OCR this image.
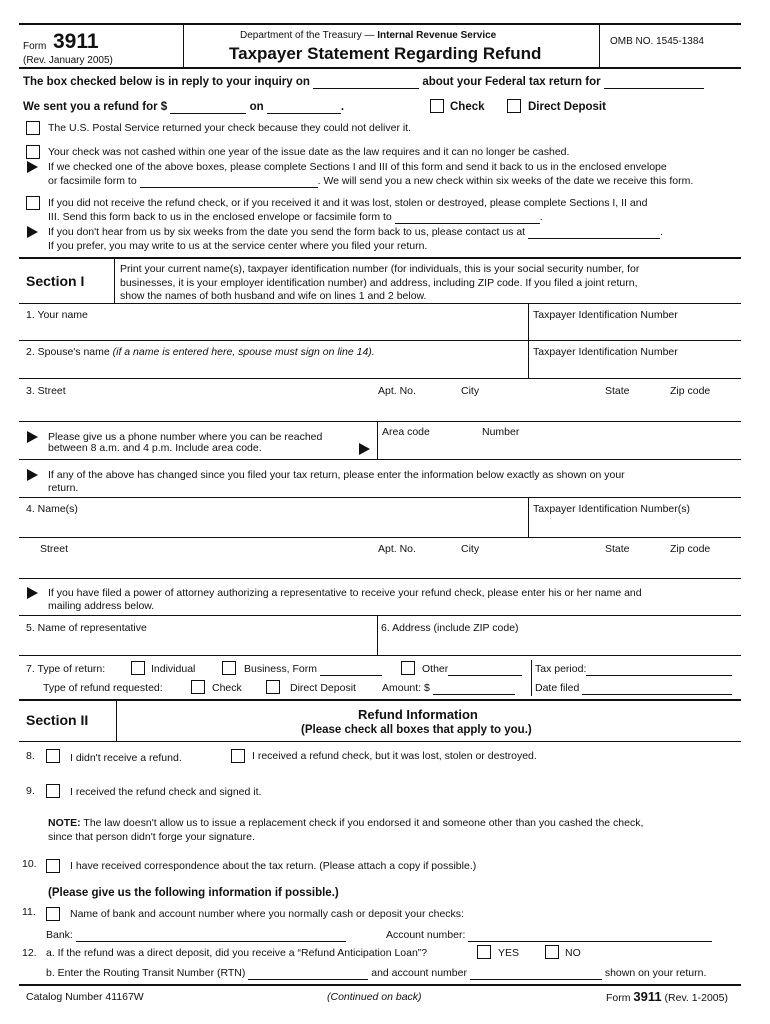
Form 3911
(Rev. January 2005)
Department of the Treasury — Internal Revenue Service
Taxpayer Statement Regarding Refund
OMB NO. 1545-1384
The box checked below is in reply to your inquiry on	about your Federal tax return for
We sent you a refund for $	on	.	Check	Direct Deposit
The U.S. Postal Service returned your check because they could not deliver it.
Your check was not cashed within one year of the issue date as the law requires and it can no longer be cashed.
If we checked one of the above boxes, please complete Sections I and III of this form and send it back to us in the enclosed envelope
or facsimile form to	. We will send you a new check within six weeks of the date we receive this form.
If you did not receive the refund check, or if you received it and it was lost, stolen or destroyed, please complete Sections I, II and
III. Send this form back to us in the enclosed envelope or facsimile form to	.
If you don't hear from us by six weeks from the date you send the form back to us, please contact us at	.
If you prefer, you may write to us at the service center where you filed your return.
Section I
Print your current name(s), taxpayer identification number (for individuals, this is your social security number, for
businesses, it is your employer identification number) and address, including ZIP code. If you filed a joint return,
show the names of both husband and wife on lines 1 and 2 below.
1. Your name	Taxpayer Identification Number
2. Spouse's name (if a name is entered here, spouse must sign on line 14).	Taxpayer Identification Number
3. Street	Apt. No.	City	State	Zip code
Please give us a phone number where you can be reached
between 8 a.m. and 4 p.m. Include area code.
Area code	Number
If any of the above has changed since you filed your tax return, please enter the information below exactly as shown on your
return.
4. Name(s)	Taxpayer Identification Number(s)
Street	Apt. No.	City	State	Zip code
If you have filed a power of attorney authorizing a representative to receive your refund check, please enter his or her name and
mailing address below.
5. Name of representative	6. Address (include ZIP code)
7. Type of return:	Individual	Business, Form	Other	Tax period:
Type of refund requested:	Check	Direct Deposit Amount: $	Date filed
Section II	Refund Information
(Please check all boxes that apply to you.)
8.	I didn't receive a refund.	I received a refund check, but it was lost, stolen or destroyed.
9.	I received the refund check and signed it.
NOTE: The law doesn't allow us to issue a replacement check if you endorsed it and someone other than you cashed the check,
since that person didn't forge your signature.
10.	I have received correspondence about the tax return. (Please attach a copy if possible.)
(Please give us the following information if possible.)
11.	Name of bank and account number where you normally cash or deposit your checks:
Bank:	Account number:
12. a. If the refund was a direct deposit, did you receive a “Refund Anticipation Loan”?	YES	NO
b. Enter the Routing Transit Number (RTN)	and account number	shown on your return.
Catalog Number 41167W	(Continued on back)	Form 3911 (Rev. 1-2005)
